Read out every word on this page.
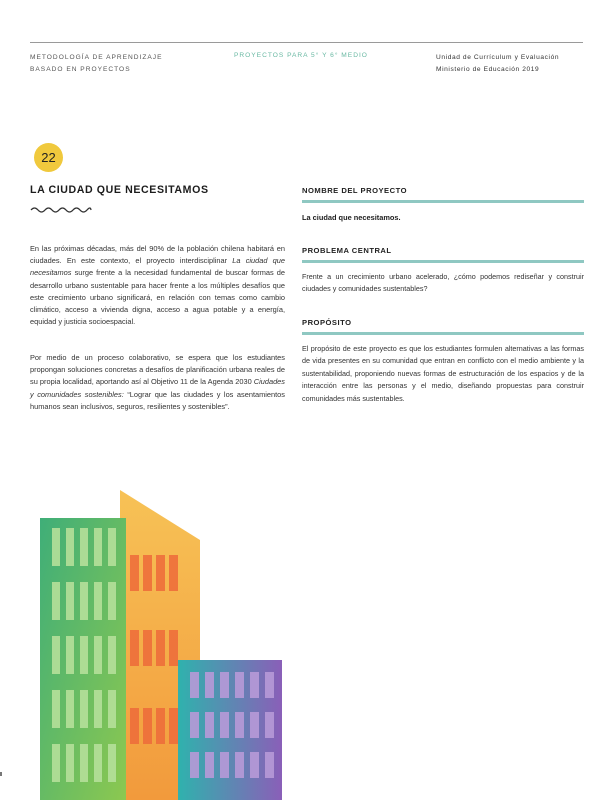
METODOLOGÍA DE APRENDIZAJE
BASADO EN PROYECTOS
PROYECTOS PARA 5° Y 6° MEDIO	Unidad de Currículum y Evaluación
Ministerio de Educación 2019
22
LA CIUDAD QUE NECESITAMOS

En las próximas décadas, más del 90% de la población chilena habitará en ciudades. En este contexto, el proyecto interdisciplinar La ciudad que necesitamos surge frente a la necesidad fundamental de buscar formas de desarrollo urbano sustentable para hacer frente a los múltiples desafíos que este crecimiento urbano significará, en relación con temas como cambio climático, acceso a vivienda digna, acceso a agua potable y a energía, equidad y justicia socioespacial.

Por medio de un proceso colaborativo, se espera que los estudiantes propongan soluciones concretas a desafíos de planificación urbana reales de su propia localidad, aportando así al Objetivo 11 de la Agenda 2030 Ciudades y comunidades sostenibles: “Lograr que las ciudades y los asentamientos humanos sean inclusivos, seguros, resilientes y sostenibles”.

NOMBRE DEL PROYECTO
La ciudad que necesitamos.
PROBLEMA CENTRAL
Frente a un crecimiento urbano acelerado, ¿cómo podemos rediseñar y construir ciudades y comunidades sustentables?
PROPÓSITO
El propósito de este proyecto es que los estudiantes formulen alternativas a las formas de vida presentes en su comunidad que entran en conflicto con el medio ambiente y la sustentabilidad, proponiendo nuevas formas de estructuración de los espacios y de la interacción entre las personas y el medio, diseñando propuestas para construir comunidades más sustentables.
